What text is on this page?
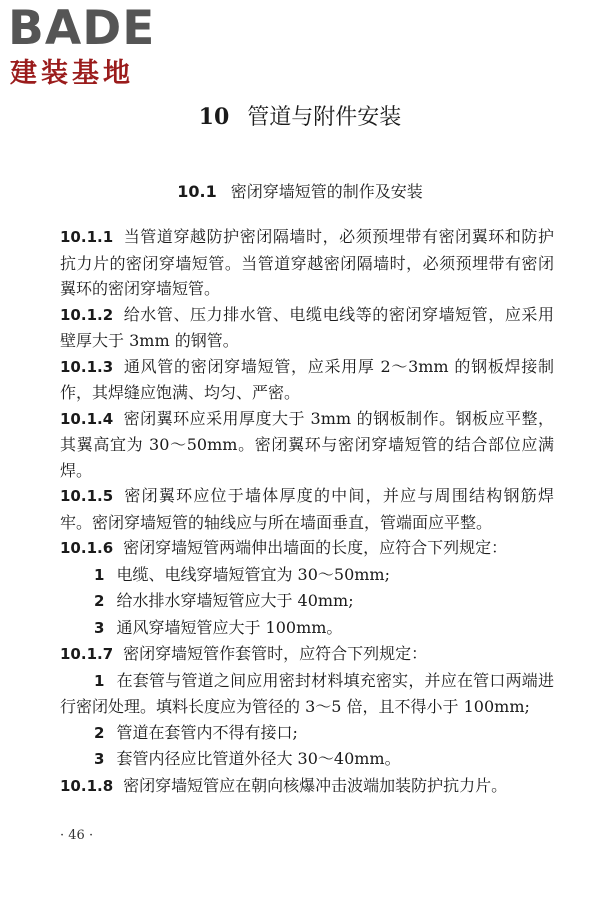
BADE
建装基地
10 管道与附件安装
10.1 密闭穿墙短管的制作及安装

10.1.1 当管道穿越防护密闭隔墙时，必须预埋带有密闭翼环和防护抗力片的密闭穿墙短管。当管道穿越密闭隔墙时，必须预埋带有密闭翼环的密闭穿墙短管。

10.1.2 给水管、压力排水管、电缆电线等的密闭穿墙短管，应采用壁厚大于 3mm 的钢管。

10.1.3 通风管的密闭穿墙短管，应采用厚 2～3mm 的钢板焊接制作，其焊缝应饱满、均匀、严密。

10.1.4 密闭翼环应采用厚度大于 3mm 的钢板制作。钢板应平整，其翼高宜为 30～50mm。密闭翼环与密闭穿墙短管的结合部位应满焊。

10.1.5 密闭翼环应位于墙体厚度的中间，并应与周围结构钢筋焊牢。密闭穿墙短管的轴线应与所在墙面垂直，管端面应平整。

10.1.6 密闭穿墙短管两端伸出墙面的长度，应符合下列规定：

1 电缆、电线穿墙短管宜为 30～50mm;
2 给水排水穿墙短管应大于 40mm;
3 通风穿墙短管应大于 100mm。

10.1.7 密闭穿墙短管作套管时，应符合下列规定：

1 在套管与管道之间应用密封材料填充密实，并应在管口两端进行密闭处理。填料长度应为管径的 3～5 倍，且不得小于 100mm;
2 管道在套管内不得有接口;
3 套管内径应比管道外径大 30～40mm。

10.1.8 密闭穿墙短管应在朝向核爆冲击波端加装防护抗力片。

· 46 ·
